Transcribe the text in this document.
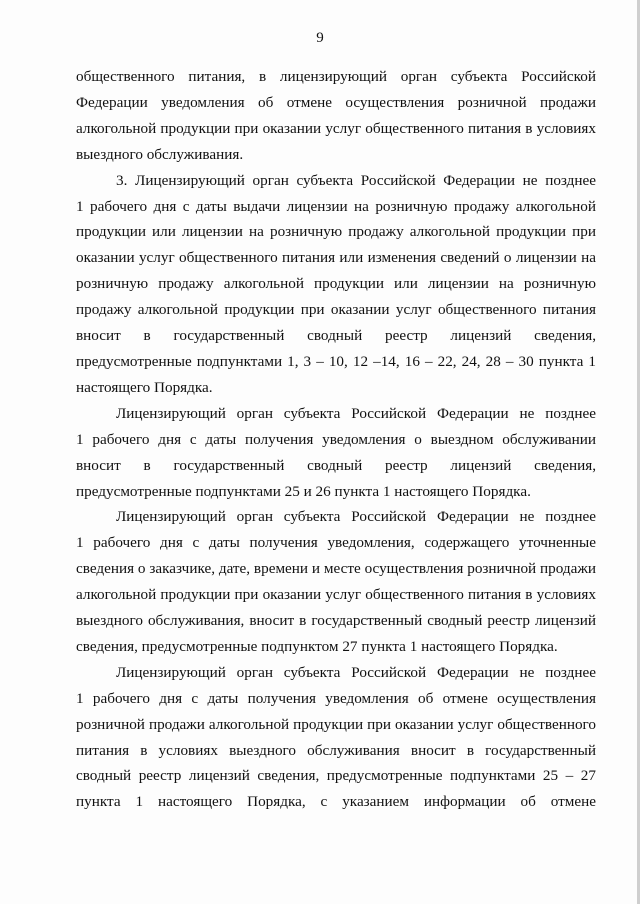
9

общественного питания, в лицензирующий орган субъекта Российской
Федерации уведомления об отмене осуществления розничной продажи
алкогольной продукции при оказании услуг общественного питания в условиях
выездного обслуживания.

3. Лицензирующий орган субъекта Российской Федерации не позднее
1 рабочего дня с даты выдачи лицензии на розничную продажу алкогольной
продукции или лицензии на розничную продажу алкогольной продукции при
оказании услуг общественного питания или изменения сведений о лицензии на
розничную продажу алкогольной продукции или лицензии на розничную
продажу алкогольной продукции при оказании услуг общественного питания
вносит в государственный сводный реестр лицензий сведения,
предусмотренные подпунктами 1, 3 – 10, 12 –14, 16 – 22, 24, 28 – 30 пункта 1
настоящего Порядка.

Лицензирующий орган субъекта Российской Федерации не позднее
1 рабочего дня с даты получения уведомления о выездном обслуживании
вносит в государственный сводный реестр лицензий сведения,
предусмотренные подпунктами 25 и 26 пункта 1 настоящего Порядка.

Лицензирующий орган субъекта Российской Федерации не позднее
1 рабочего дня с даты получения уведомления, содержащего уточненные
сведения о заказчике, дате, времени и месте осуществления розничной продажи
алкогольной продукции при оказании услуг общественного питания в условиях
выездного обслуживания, вносит в государственный сводный реестр лицензий
сведения, предусмотренные подпунктом 27 пункта 1 настоящего Порядка.

Лицензирующий орган субъекта Российской Федерации не позднее
1 рабочего дня с даты получения уведомления об отмене осуществления
розничной продажи алкогольной продукции при оказании услуг общественного
питания в условиях выездного обслуживания вносит в государственный
сводный реестр лицензий сведения, предусмотренные подпунктами 25 – 27
пункта 1 настоящего Порядка, с указанием информации об отмене
